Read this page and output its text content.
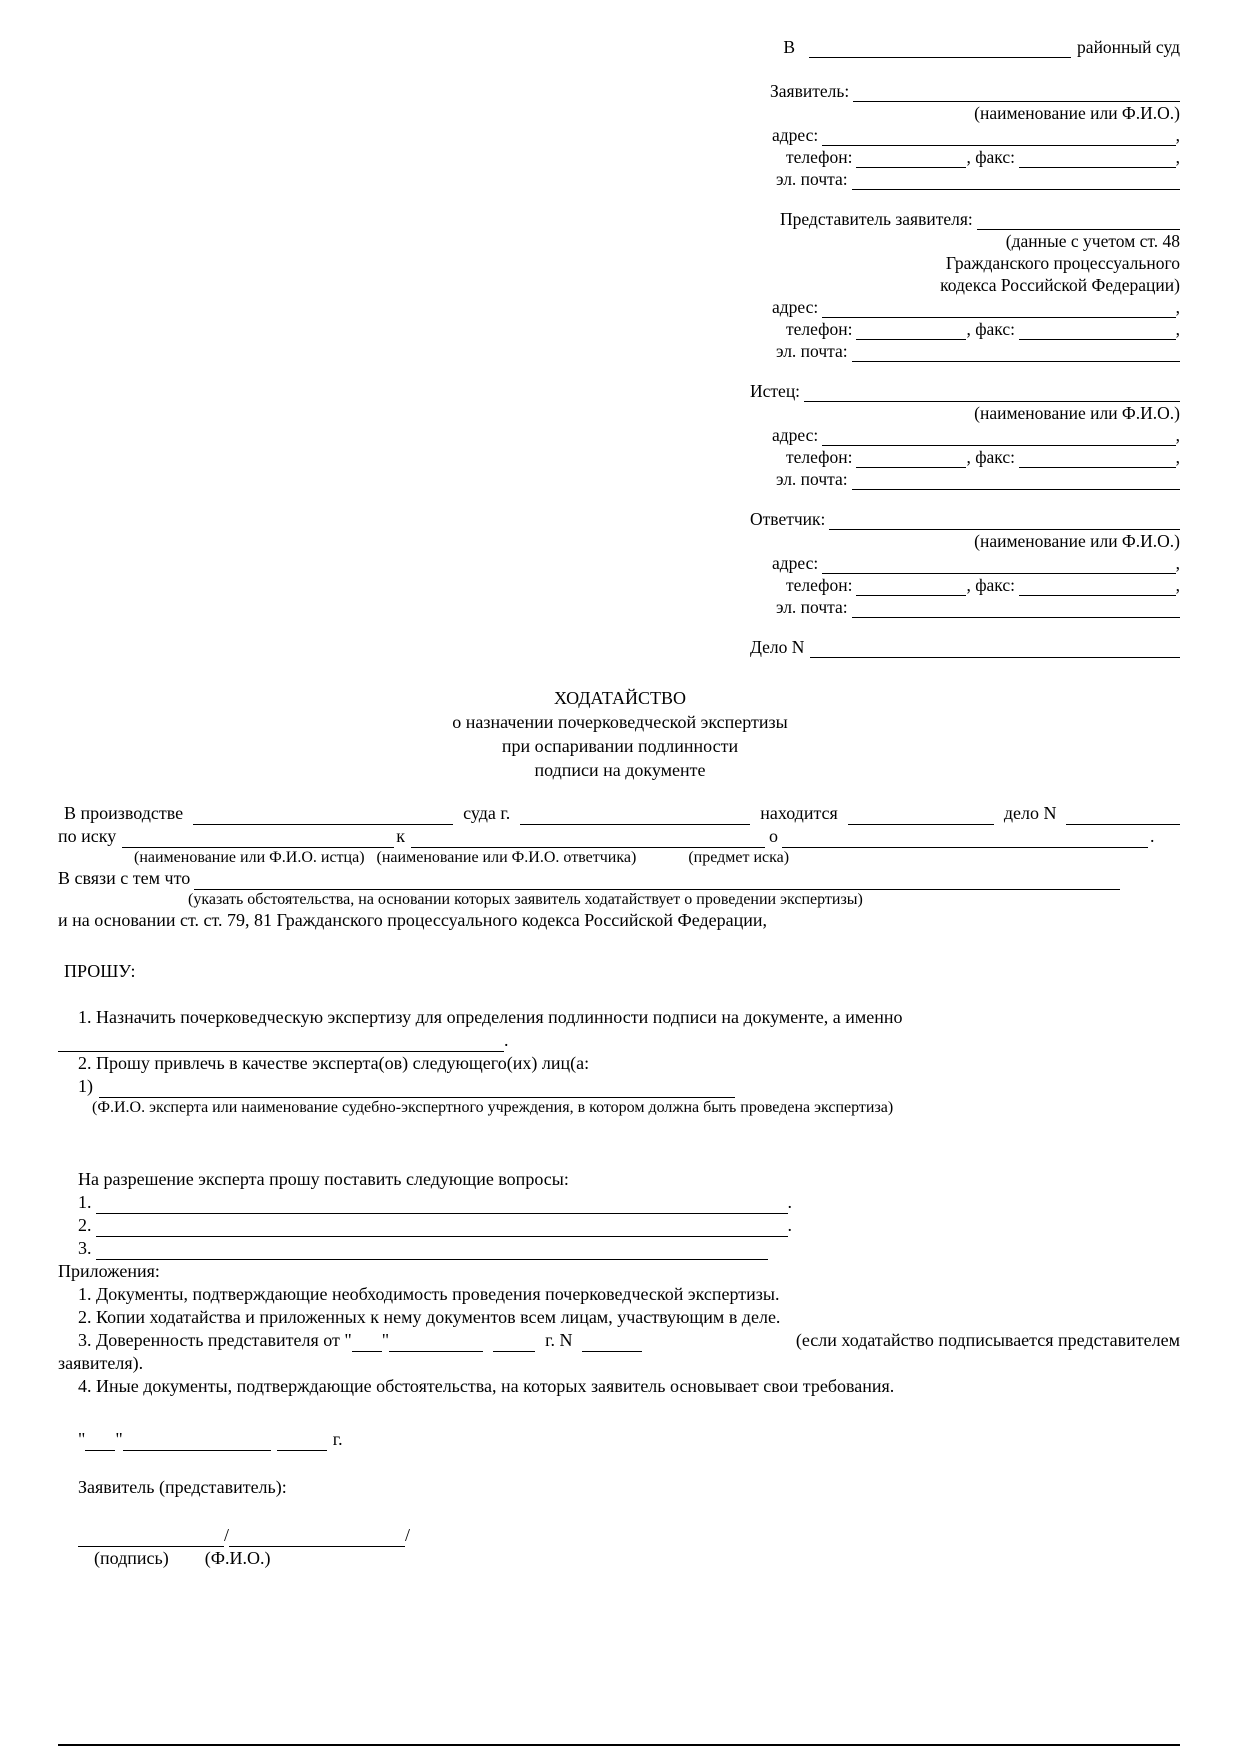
В	районный суд
Заявитель:
(наименование или Ф.И.О.)
адрес:	,
телефон:	, факс:	,
эл. почта:
Представитель заявителя:
(данные с учетом ст. 48
Гражданского процессуального
кодекса Российской Федерации)
адрес:	,
телефон:	, факс:	,
эл. почта:
Истец:
(наименование или Ф.И.О.)
адрес:	,
телефон:	, факс:	,
эл. почта:
Ответчик:
(наименование или Ф.И.О.)
адрес:	,
телефон:	, факс:	,
эл. почта:
Дело N
ХОДАТАЙСТВО
о назначении почерковедческой экспертизы
при оспаривании подлинности
подписи на документе
В производстве	суда г.	находится	дело N
по иску	к	о	.
(наименование или Ф.И.О. истца) (наименование или Ф.И.О. ответчика)	(предмет иска)
В связи с тем что
(указать обстоятельства, на основании которых заявитель ходатайствует о проведении экспертизы)
и на основании ст. ст. 79, 81 Гражданского процессуального кодекса Российской Федерации,
ПРОШУ:
1. Назначить почерковедческую экспертизу для определения подлинности подписи на документе, а именно
.
2. Прошу привлечь в качестве эксперта(ов) следующего(их) лиц(а:
1)
(Ф.И.О. эксперта или наименование судебно-экспертного учреждения, в котором должна быть проведена экспертиза)
На разрешение эксперта прошу поставить следующие вопросы:
1.	.
2.	.
3.
Приложения:
1. Документы, подтверждающие необходимость проведения почерковедческой экспертизы.
2. Копии ходатайства и приложенных к нему документов всем лицам, участвующим в деле.
3. Доверенность представителя от " "	г. N	(если ходатайство подписывается представителем
заявителя).
4. Иные документы, подтверждающие обстоятельства, на которых заявитель основывает свои требования.
" "	г.
Заявитель (представитель):
/	/
(подпись) (Ф.И.О.)
